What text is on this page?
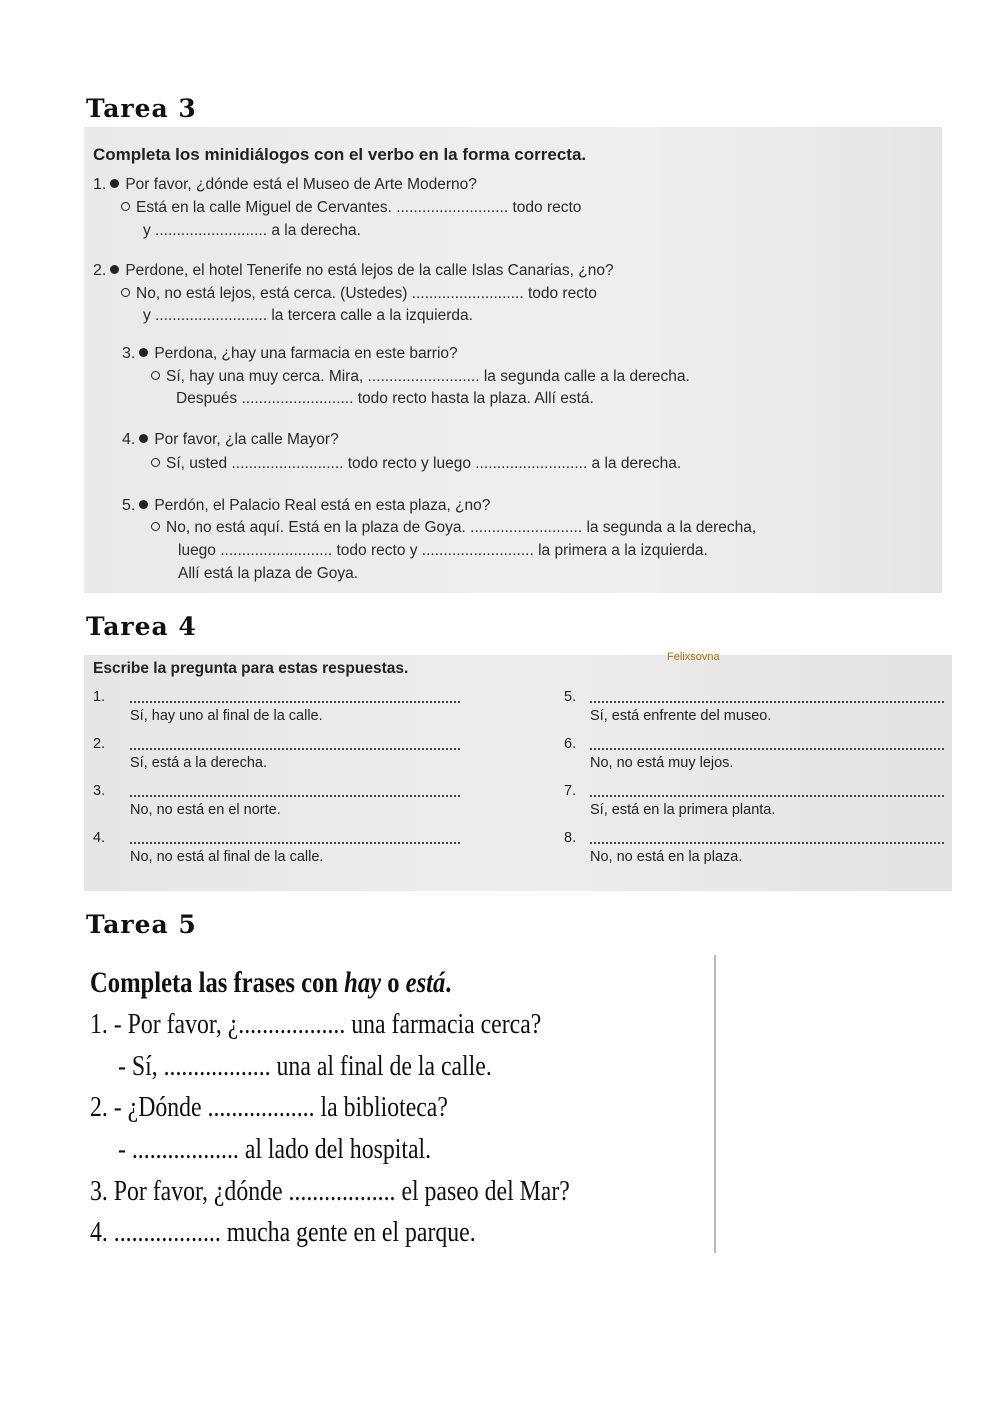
Tarea 3
Completa los minidiálogos con el verbo en la forma correcta.
1. Por favor, ¿dónde está el Museo de Arte Moderno?
Está en la calle Miguel de Cervantes. .......................... todo recto
y .......................... a la derecha.
2. Perdone, el hotel Tenerife no está lejos de la calle Islas Canarias, ¿no?
No, no está lejos, está cerca. (Ustedes) .......................... todo recto
y .......................... la tercera calle a la izquierda.
3. Perdona, ¿hay una farmacia en este barrio?
Sí, hay una muy cerca. Mira, .......................... la segunda calle a la derecha.
Después .......................... todo recto hasta la plaza. Allí está.
4. Por favor, ¿la calle Mayor?
Sí, usted .......................... todo recto y luego .......................... a la derecha.
5. Perdón, el Palacio Real está en esta plaza, ¿no?
No, no está aquí. Está en la plaza de Goya. .......................... la segunda a la derecha,
luego .......................... todo recto y .......................... la primera a la izquierda.
Allí está la plaza de Goya.
Tarea 4
Felixsovna
Escribe la pregunta para estas respuestas.
1.
Sí, hay uno al final de la calle.
2.
Sí, está a la derecha.
3.
No, no está en el norte.
4.
No, no está al final de la calle.
5.
Sí, está enfrente del museo.
6.
No, no está muy lejos.
7.
Sí, está en la primera planta.
8.
No, no está en la plaza.
Tarea 5
Completa las frases con hay o está.
1. - Por favor, ¿.................. una farmacia cerca?
- Sí, .................. una al final de la calle.
2. - ¿Dónde .................. la biblioteca?
- .................. al lado del hospital.
3. Por favor, ¿dónde .................. el paseo del Mar?
4. .................. mucha gente en el parque.
